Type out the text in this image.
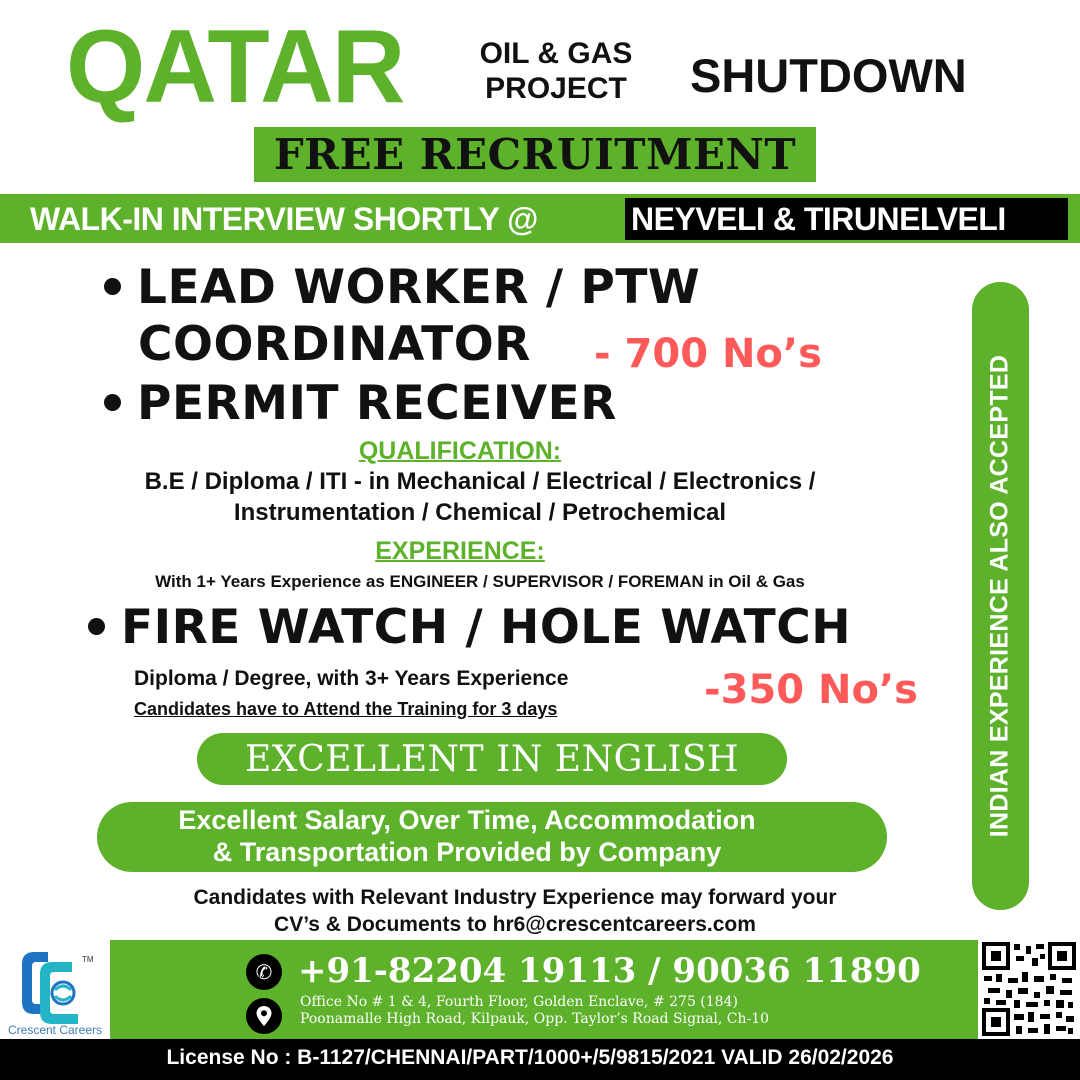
QATAR	OIL & GAS
PROJECT	SHUTDOWN
FREE RECRUITMENT
WALK-IN INTERVIEW SHORTLY @	NEYVELI & TIRUNELVELI
LEAD WORKER / PTW
COORDINATOR - 700 No’s
PERMIT RECEIVER
QUALIFICATION:
B.E / Diploma / ITI - in Mechanical / Electrical / Electronics /
Instrumentation / Chemical / Petrochemical
EXPERIENCE:
With 1+ Years Experience as ENGINEER / SUPERVISOR / FOREMAN in Oil & Gas
FIRE WATCH / HOLE WATCH
Diploma / Degree, with 3+ Years Experience
Candidates have to Attend the Training for 3 days	-350 No’s
EXCELLENT IN ENGLISH
Excellent Salary, Over Time, Accommodation
& Transportation Provided by Company
Candidates with Relevant Industry Experience may forward your
CV’s & Documents to hr6@crescentcareers.com
INDIAN EXPERIENCE ALSO ACCEPTED
TM
Crescent Careers
✆ +91-82204 19113 / 90036 11890
Office No # 1 & 4, Fourth Floor, Golden Enclave, # 275 (184)
Poonamalle High Road, Kilpauk, Opp. Taylor’s Road Signal, Ch-10
License No : B-1127/CHENNAI/PART/1000+/5/9815/2021 VALID 26/02/2026
